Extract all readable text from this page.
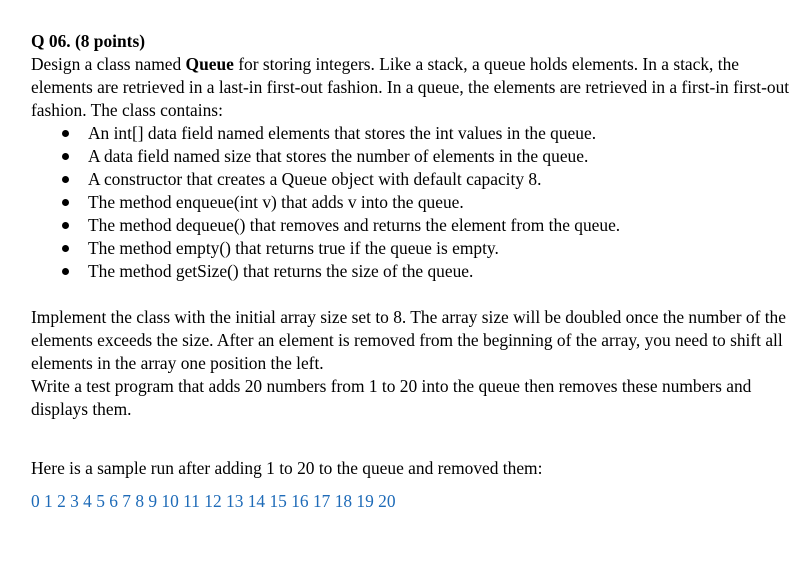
Q 06. (8 points)

Design a class named Queue for storing integers. Like a stack, a queue holds elements. In a stack, the elements are retrieved in a last-in first-out fashion. In a queue, the elements are retrieved in a first-in first-out fashion. The class contains:

An int[] data field named elements that stores the int values in the queue.
A data field named size that stores the number of elements in the queue.
A constructor that creates a Queue object with default capacity 8.
The method enqueue(int v) that adds v into the queue.
The method dequeue() that removes and returns the element from the queue.
The method empty() that returns true if the queue is empty.
The method getSize() that returns the size of the queue.

Implement the class with the initial array size set to 8. The array size will be doubled once the number of the elements exceeds the size. After an element is removed from the beginning of the array, you need to shift all elements in the array one position the left.

Write a test program that adds 20 numbers from 1 to 20 into the queue then removes these numbers and displays them.

Here is a sample run after adding 1 to 20 to the queue and removed them:

0 1 2 3 4 5 6 7 8 9 10 11 12 13 14 15 16 17 18 19 20
